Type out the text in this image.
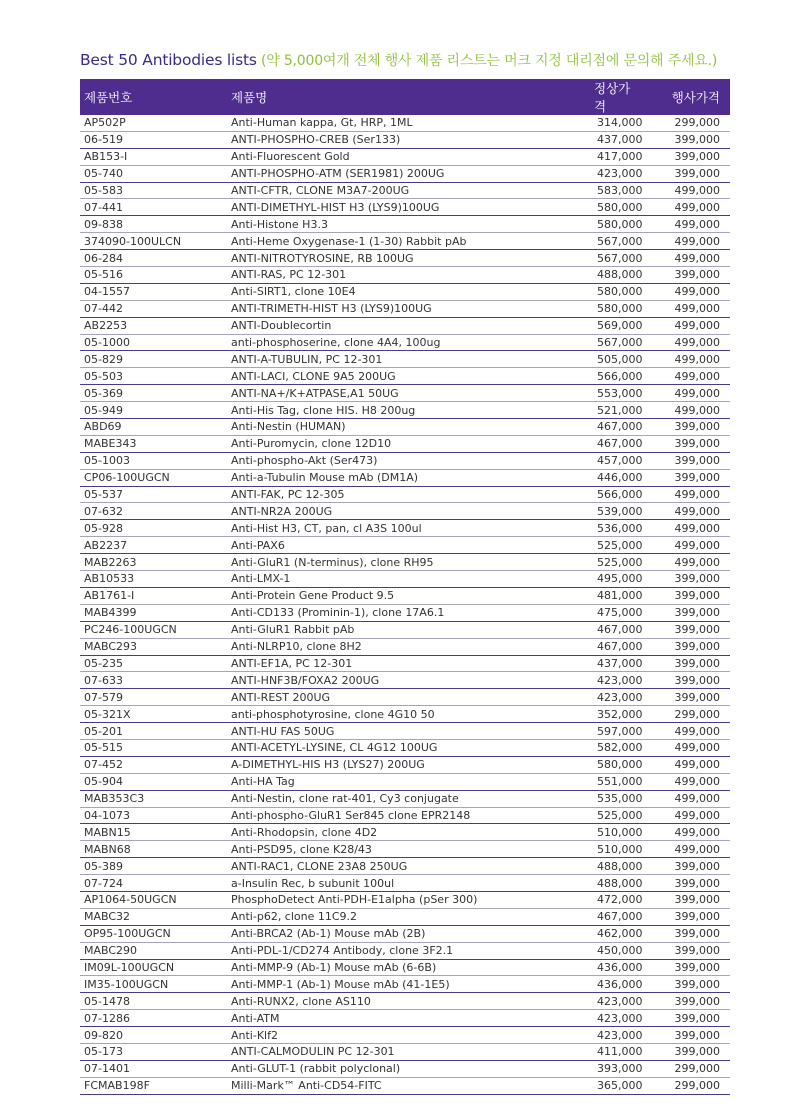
Best 50 Antibodies lists (약 5,000여개 전체 행사 제품 리스트는 머크 지정 대리점에 문의해 주세요.)
제품번호	제품명	정상가격	행사가격
AP502P	Anti-Human kappa, Gt, HRP, 1ML	314,000	299,000
06-519	ANTI-PHOSPHO-CREB (Ser133)	437,000	399,000
AB153-I	Anti-Fluorescent Gold	417,000	399,000
05-740	ANTI-PHOSPHO-ATM (SER1981) 200UG	423,000	399,000
05-583	ANTI-CFTR, CLONE M3A7-200UG	583,000	499,000
07-441	ANTI-DIMETHYL-HIST H3 (LYS9)100UG	580,000	499,000
09-838	Anti-Histone H3.3	580,000	499,000
374090-100ULCN	Anti-Heme Oxygenase-1 (1-30) Rabbit pAb	567,000	499,000
06-284	ANTI-NITROTYROSINE, RB 100UG	567,000	499,000
05-516	ANTI-RAS, PC 12-301	488,000	399,000
04-1557	Anti-SIRT1, clone 10E4	580,000	499,000
07-442	ANTI-TRIMETH-HIST H3 (LYS9)100UG	580,000	499,000
AB2253	ANTI-Doublecortin	569,000	499,000
05-1000	anti-phosphoserine, clone 4A4, 100ug	567,000	499,000
05-829	ANTI-A-TUBULIN, PC 12-301	505,000	499,000
05-503	ANTI-LACI, CLONE 9A5 200UG	566,000	499,000
05-369	ANTI-NA+/K+ATPASE,A1 50UG	553,000	499,000
05-949	Anti-His Tag, clone HIS. H8 200ug	521,000	499,000
ABD69	Anti-Nestin (HUMAN)	467,000	399,000
MABE343	Anti-Puromycin, clone 12D10	467,000	399,000
05-1003	Anti-phospho-Akt (Ser473)	457,000	399,000
CP06-100UGCN	Anti-a-Tubulin Mouse mAb (DM1A)	446,000	399,000
05-537	ANTI-FAK, PC 12-305	566,000	499,000
07-632	ANTI-NR2A 200UG	539,000	499,000
05-928	Anti-Hist H3, CT, pan, cl A3S 100ul	536,000	499,000
AB2237	Anti-PAX6	525,000	499,000
MAB2263	Anti-GluR1 (N-terminus), clone RH95	525,000	499,000
AB10533	Anti-LMX-1	495,000	399,000
AB1761-I	Anti-Protein Gene Product 9.5	481,000	399,000
MAB4399	Anti-CD133 (Prominin-1), clone 17A6.1	475,000	399,000
PC246-100UGCN	Anti-GluR1 Rabbit pAb	467,000	399,000
MABC293	Anti-NLRP10, clone 8H2	467,000	399,000
05-235	ANTI-EF1A, PC 12-301	437,000	399,000
07-633	ANTI-HNF3B/FOXA2 200UG	423,000	399,000
07-579	ANTI-REST 200UG	423,000	399,000
05-321X	anti-phosphotyrosine, clone 4G10 50	352,000	299,000
05-201	ANTI-HU FAS 50UG	597,000	499,000
05-515	ANTI-ACETYL-LYSINE, CL 4G12 100UG	582,000	499,000
07-452	A-DIMETHYL-HIS H3 (LYS27) 200UG	580,000	499,000
05-904	Anti-HA Tag	551,000	499,000
MAB353C3	Anti-Nestin, clone rat-401, Cy3 conjugate	535,000	499,000
04-1073	Anti-phospho-GluR1 Ser845 clone EPR2148	525,000	499,000
MABN15	Anti-Rhodopsin, clone 4D2	510,000	499,000
MABN68	Anti-PSD95, clone K28/43	510,000	499,000
05-389	ANTI-RAC1, CLONE 23A8 250UG	488,000	399,000
07-724	a-Insulin Rec, b subunit 100ul	488,000	399,000
AP1064-50UGCN	PhosphoDetect Anti-PDH-E1alpha (pSer 300)	472,000	399,000
MABC32	Anti-p62, clone 11C9.2	467,000	399,000
OP95-100UGCN	Anti-BRCA2 (Ab-1) Mouse mAb (2B)	462,000	399,000
MABC290	Anti-PDL-1/CD274 Antibody, clone 3F2.1	450,000	399,000
IM09L-100UGCN	Anti-MMP-9 (Ab-1) Mouse mAb (6-6B)	436,000	399,000
IM35-100UGCN	Anti-MMP-1 (Ab-1) Mouse mAb (41-1E5)	436,000	399,000
05-1478	Anti-RUNX2, clone AS110	423,000	399,000
07-1286	Anti-ATM	423,000	399,000
09-820	Anti-Klf2	423,000	399,000
05-173	ANTI-CALMODULIN PC 12-301	411,000	399,000
07-1401	Anti-GLUT-1 (rabbit polyclonal)	393,000	299,000
FCMAB198F	Milli-Mark™ Anti-CD54-FITC	365,000	299,000
